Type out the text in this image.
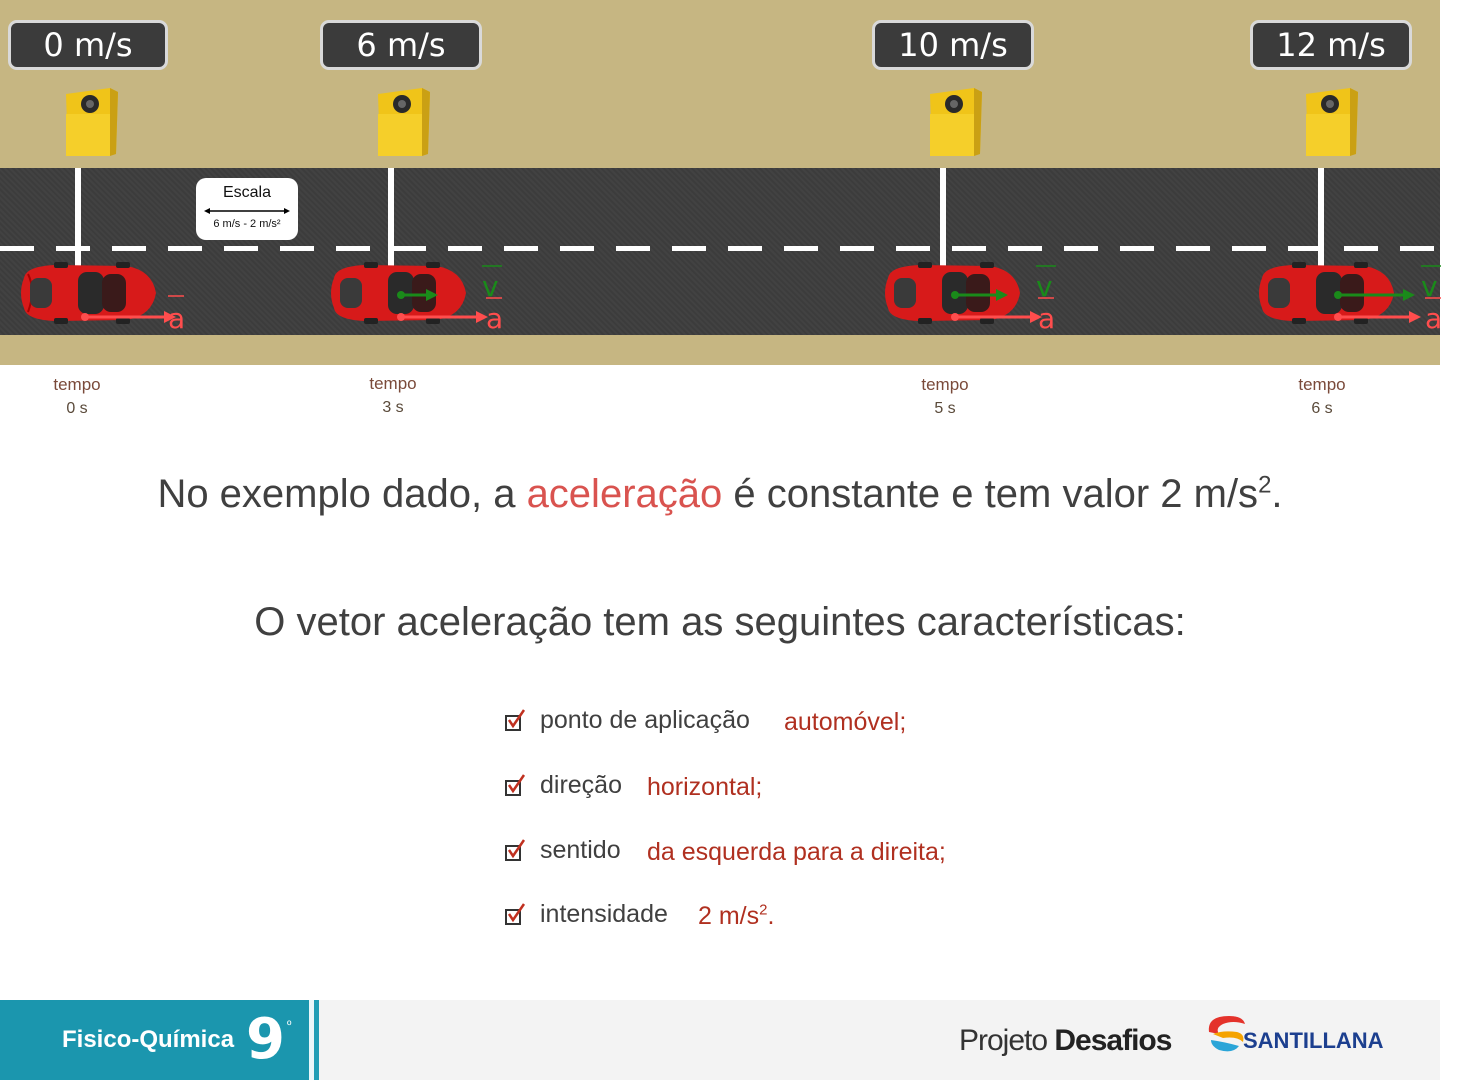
0 m/s	6 m/s	10 m/s	12 m/s
Escala
6 m/s - 2 m/s²
a
v
a
v
a
v
a
tempo
0 s
tempo
3 s
tempo
5 s
tempo
6 s
No exemplo dado, a aceleração é constante e tem valor 2 $m/s^2$.
O vetor aceleração tem as seguintes características:
ponto de aplicação automóvel;
direção horizontal;
sentido da esquerda para a direita;
intensidade 2 $m/s^2$.
Fisico-Química 9 º	Projeto Desafios	SANTILLANA
